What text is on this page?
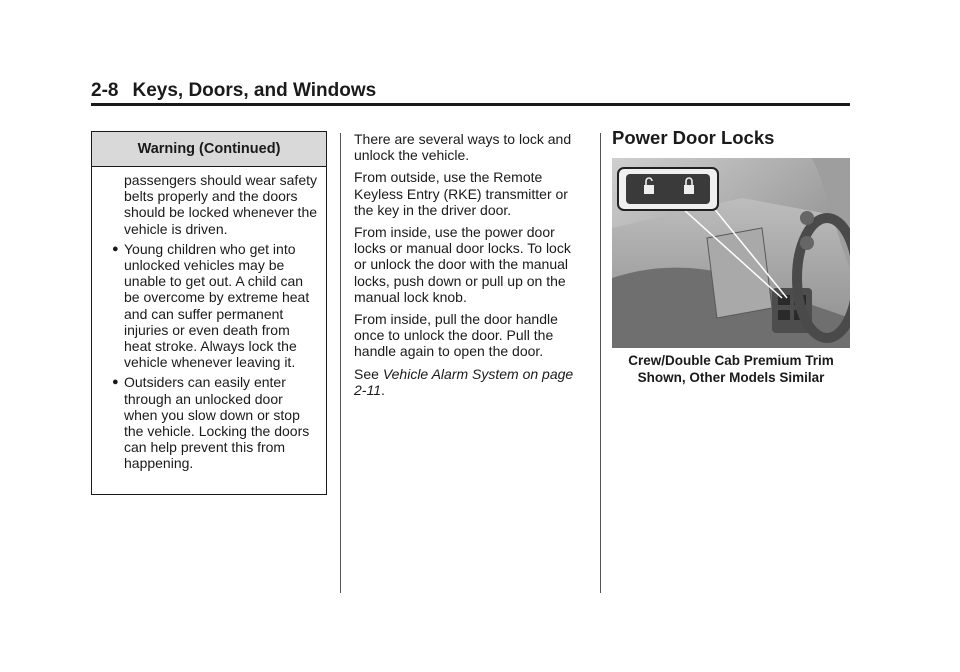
2-8 Keys, Doors, and Windows
Warning (Continued)

passengers should wear safety belts properly and the doors should be locked whenever the vehicle is driven.

● Young children who get into unlocked vehicles may be unable to get out. A child can be overcome by extreme heat and can suffer permanent injuries or even death from heat stroke. Always lock the vehicle whenever leaving it.
● Outsiders can easily enter through an unlocked door when you slow down or stop the vehicle. Locking the doors can help prevent this from happening.

There are several ways to lock and unlock the vehicle.

From outside, use the Remote Keyless Entry (RKE) transmitter or the key in the driver door.

From inside, use the power door locks or manual door locks. To lock or unlock the door with the manual locks, push down or pull up on the manual lock knob.

From inside, pull the door handle once to unlock the door. Pull the handle again to open the door.

See Vehicle Alarm System on page 2-11.

Power Door Locks
Crew/Double Cab Premium Trim
Shown, Other Models Similar
